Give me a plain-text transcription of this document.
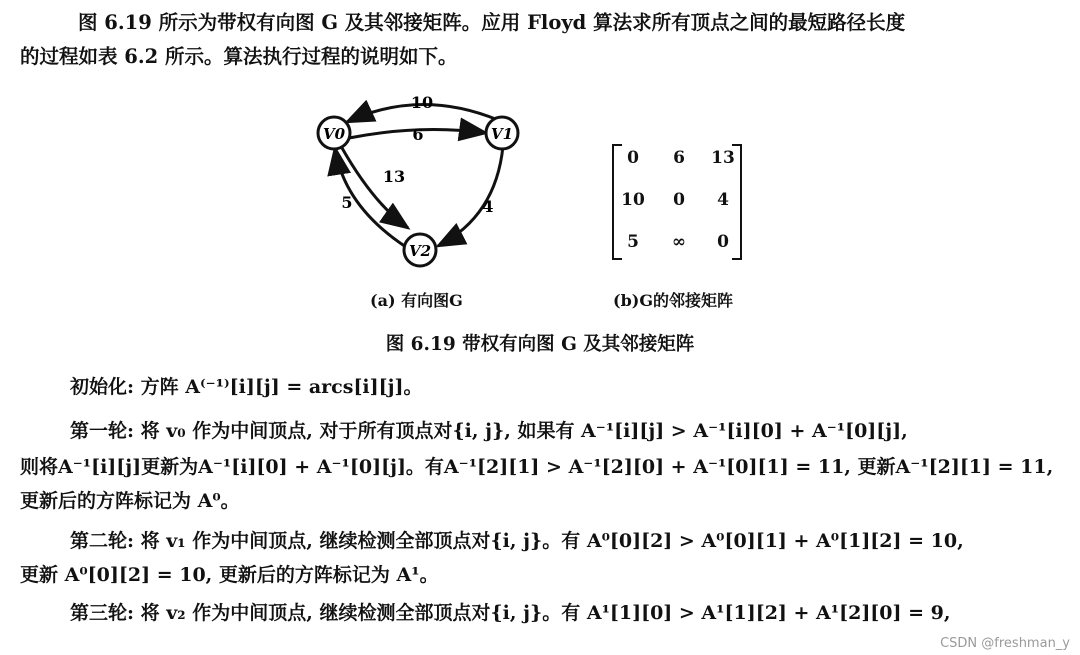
图 6.19 所示为带权有向图 G 及其邻接矩阵。应用 Floyd 算法求所有顶点之间的最短路径长度
的过程如表 6.2 所示。算法执行过程的说明如下。
V0	V1
V2
10
6
13
5	4
(a) 有向图G
0	6	13
10	0	4
5	∞	0
(b)G的邻接矩阵
图 6.19 带权有向图 G 及其邻接矩阵
初始化: 方阵 A⁽⁻¹⁾[i][j] = arcs[i][j]。
第一轮: 将 v₀ 作为中间顶点, 对于所有顶点对{i, j}, 如果有 A⁻¹[i][j] > A⁻¹[i][0] + A⁻¹[0][j],
则将A⁻¹[i][j]更新为A⁻¹[i][0] + A⁻¹[0][j]。有A⁻¹[2][1] > A⁻¹[2][0] + A⁻¹[0][1] = 11, 更新A⁻¹[2][1] = 11,
更新后的方阵标记为 A⁰。
第二轮: 将 v₁ 作为中间顶点, 继续检测全部顶点对{i, j}。有 A⁰[0][2] > A⁰[0][1] + A⁰[1][2] = 10,
更新 A⁰[0][2] = 10, 更新后的方阵标记为 A¹。
第三轮: 将 v₂ 作为中间顶点, 继续检测全部顶点对{i, j}。有 A¹[1][0] > A¹[1][2] + A¹[2][0] = 9,
CSDN @freshman_y
